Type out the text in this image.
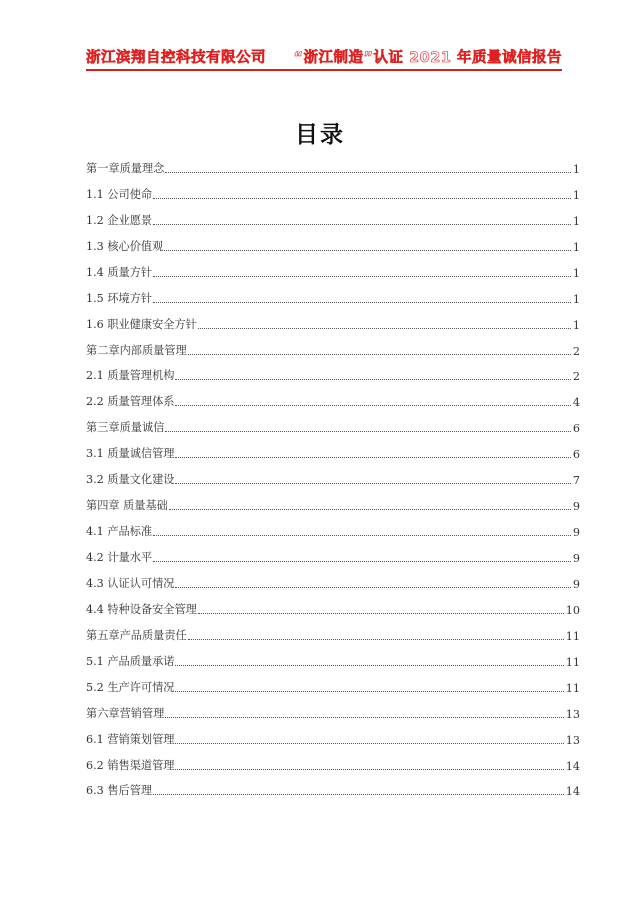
浙江滨翔自控科技有限公司 “浙江制造”认证 2021 年质量诚信报告
目录
第一章质量理念	1
1.1 公司使命	1
1.2 企业愿景	1
1.3 核心价值观	1
1.4 质量方针	1
1.5 环境方针	1
1.6 职业健康安全方针	1
第二章内部质量管理	2
2.1 质量管理机构	2
2.2 质量管理体系	4
第三章质量诚信	6
3.1 质量诚信管理	6
3.2 质量文化建设	7
第四章 质量基础	9
4.1 产品标准	9
4.2 计量水平	9
4.3 认证认可情况	9
4.4 特种设备安全管理	10
第五章产品质量责任	11
5.1 产品质量承诺	11
5.2 生产许可情况	11
第六章营销管理	13
6.1 营销策划管理	13
6.2 销售渠道管理	14
6.3 售后管理	14
